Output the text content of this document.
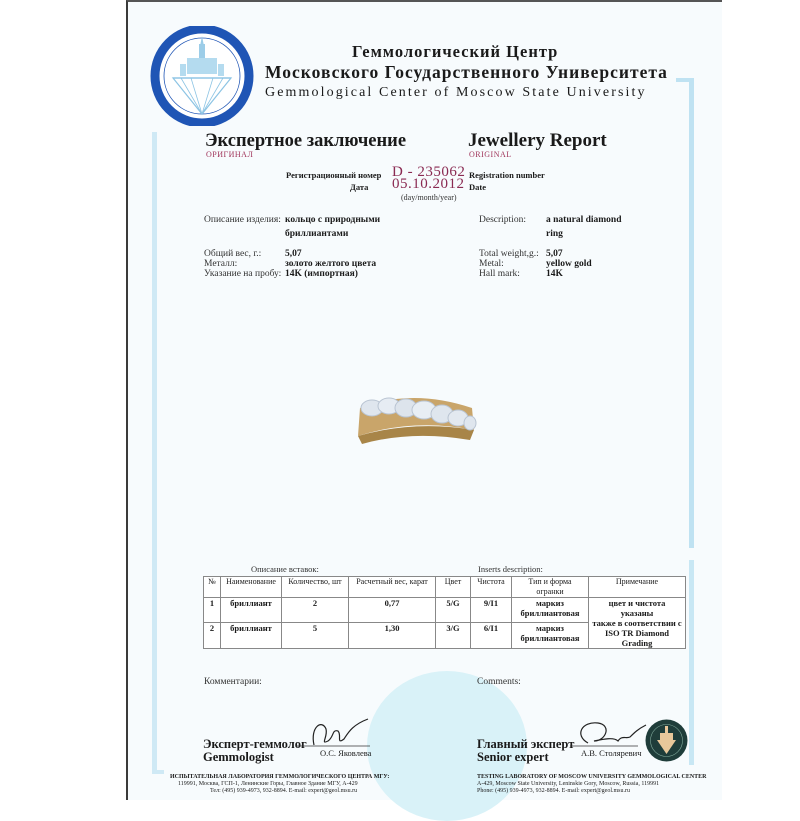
Геммологический Центр
Московского Государственного Университета
Gemmological Center of Moscow State University
Экспертное заключение
ОРИГИНАЛ
Jewellery Report
ORIGINAL
Регистрационный номер D - 235062 Registration number
Дата 05.10.2012 Date
(day/month/year)
Описание изделия: кольцо с природными
бриллиантами
Общий вес, г.:	5,07
Металл:	золото желтого цвета
Указание на пробу: 14K (импортная)
Description: a natural diamond
ring
Total weight,g.: 5,07
Metal:	yellow gold
Hall mark:	14K
Описание вставок:	Inserts description:
№	Наименование	Количество, шт	Расчетный вес, карат	Цвет	Чистота	Тип и форма огранки	Примечание
1	бриллиант	2	0,77	5/G	9/I1	маркиз
бриллиантовая	цвет и чистота указаны
также в соответствии с
ISO TR Diamond Grading
2	бриллиант	5	1,30	3/G	6/I1	маркиз
бриллиантовая	
Комментарии:	Comments:
Эксперт-геммолог
Gemmologist	О.С. Яковлева
Главный эксперт
Senior expert	А.В. Столяревич
ИСПЫТАТЕЛЬНАЯ ЛАБОРАТОРИЯ ГЕММОЛОГИЧЕСКОГО ЦЕНТРА МГУ:
119991, Москва, ГСП-1, Ленинские Горы, Главное Здание МГУ, А-429
Тел: (495) 939-4973, 932-8894. E-mail: expert@geol.msu.ru
TESTING LABORATORY OF MOSCOW UNIVERSITY GEMMOLOGICAL CENTER
A-429, Moscow State University, Leninskie Gory, Moscow, Russia, 119991
Phone: (495) 939-4973, 932-8894. E-mail: expert@geol.msu.ru
